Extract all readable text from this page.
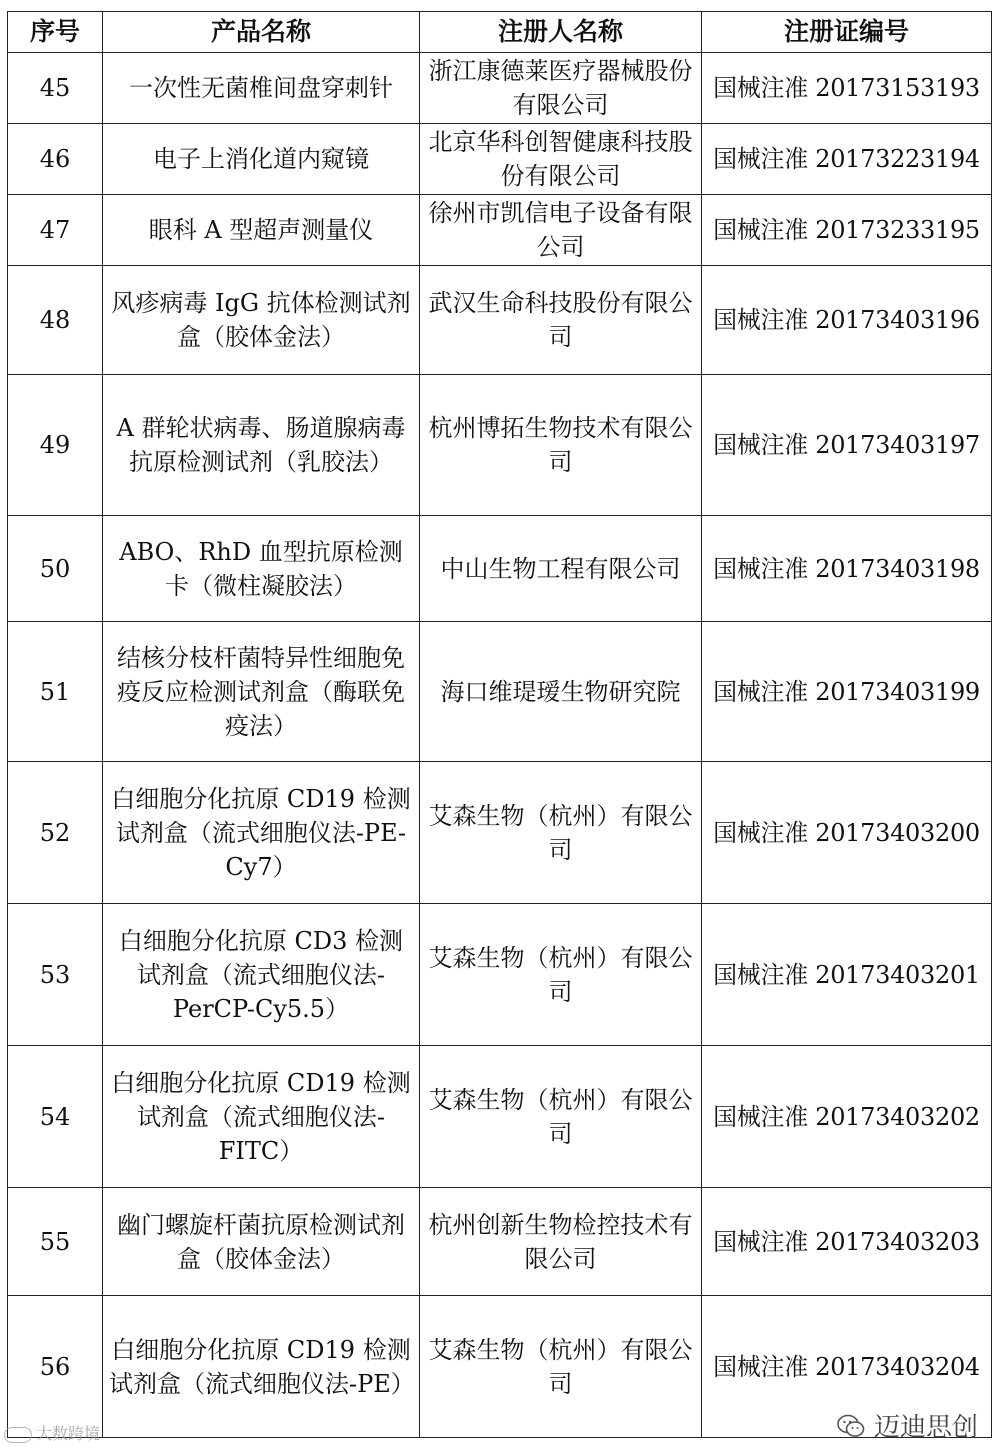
序号	产品名称	注册人名称	注册证编号
45	一次性无菌椎间盘穿刺针	浙江康德莱医疗器械股份有限公司	国械注准 20173153193
46	电子上消化道内窥镜	北京华科创智健康科技股份有限公司	国械注准 20173223194
47	眼科 A 型超声测量仪	徐州市凯信电子设备有限公司	国械注准 20173233195
48	风疹病毒 IgG 抗体检测试剂盒（胶体金法）	武汉生命科技股份有限公司	国械注准 20173403196
49	A 群轮状病毒、肠道腺病毒抗原检测试剂（乳胶法）	杭州博拓生物技术有限公司	国械注准 20173403197
50	ABO、RhD 血型抗原检测卡（微柱凝胶法）	中山生物工程有限公司	国械注准 20173403198
51	结核分枝杆菌特异性细胞免疫反应检测试剂盒（酶联免疫法）	海口维瑅瑷生物研究院	国械注准 20173403199
52	白细胞分化抗原 CD19 检测试剂盒（流式细胞仪法-PE-Cy7）	艾森生物（杭州）有限公司	国械注准 20173403200
53	白细胞分化抗原 CD3 检测试剂盒（流式细胞仪法-PerCP-Cy5.5）	艾森生物（杭州）有限公司	国械注准 20173403201
54	白细胞分化抗原 CD19 检测试剂盒（流式细胞仪法-FITC）	艾森生物（杭州）有限公司	国械注准 20173403202
55	幽门螺旋杆菌抗原检测试剂盒（胶体金法）	杭州创新生物检控技术有限公司	国械注准 20173403203
56	白细胞分化抗原 CD19 检测试剂盒（流式细胞仪法-PE）	艾森生物（杭州）有限公司	国械注准 20173403204
大数跨境	迈迪思创
